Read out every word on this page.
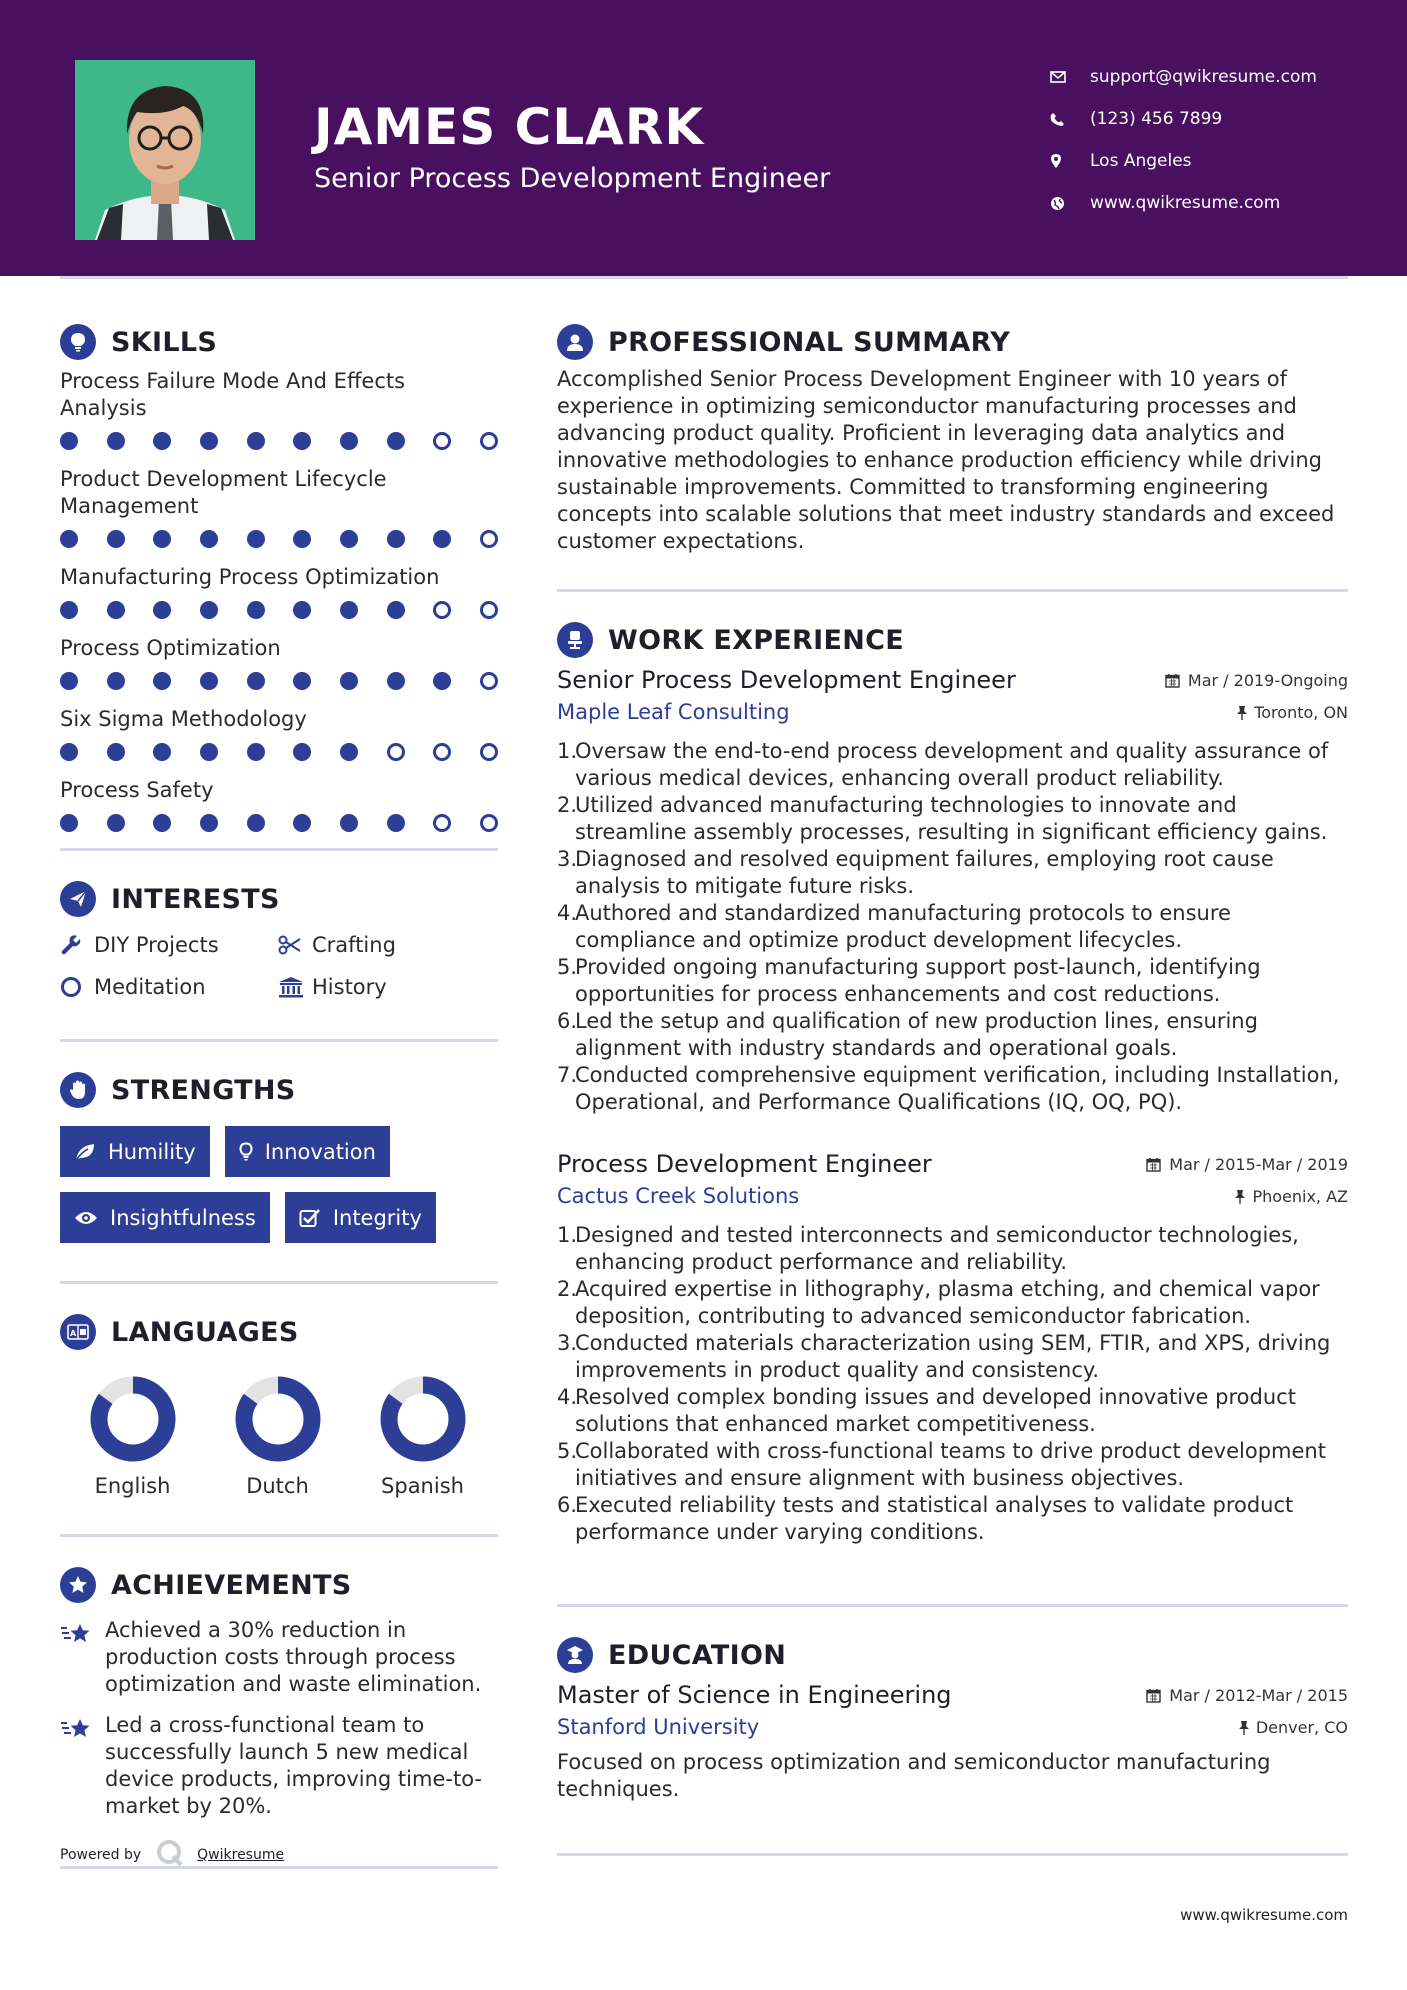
JAMES CLARK
Senior Process Development Engineer
support@qwikresume.com
(123) 456 7899
Los Angeles
www.qwikresume.com
SKILLS
Process Failure Mode And Effects Analysis
Product Development Lifecycle Management
Manufacturing Process Optimization
Process Optimization
Six Sigma Methodology
Process Safety
INTERESTS
DIY Projects	Crafting
Meditation	History
STRENGTHS
Humility	Innovation
Insightfulness	Integrity
A LANGUAGES
English	Dutch	Spanish
ACHIEVEMENTS

Achieved a 30% reduction in production costs through process optimization and waste elimination.

Led a cross-functional team to successfully launch 5 new medical device products, improving time-to-market by 20%.

Powered by	Qwikresume
PROFESSIONAL SUMMARY

Accomplished Senior Process Development Engineer with 10 years of experience in optimizing semiconductor manufacturing processes and advancing product quality. Proficient in leveraging data analytics and innovative methodologies to enhance production efficiency while driving sustainable improvements. Committed to transforming engineering concepts into scalable solutions that meet industry standards and exceed customer expectations.

WORK EXPERIENCE
Senior Process Development Engineer	Mar / 2019-Ongoing
Maple Leaf Consulting	Toronto, ON
1.
Oversaw the end-to-end process development and quality assurance of various medical devices, enhancing overall product reliability.
2.
Utilized advanced manufacturing technologies to innovate and streamline assembly processes, resulting in significant efficiency gains.
3.
Diagnosed and resolved equipment failures, employing root cause analysis to mitigate future risks.
4.
Authored and standardized manufacturing protocols to ensure compliance and optimize product development lifecycles.
5.
Provided ongoing manufacturing support post-launch, identifying opportunities for process enhancements and cost reductions.
6.
Led the setup and qualification of new production lines, ensuring alignment with industry standards and operational goals.
7.
Conducted comprehensive equipment verification, including Installation, Operational, and Performance Qualifications (IQ, OQ, PQ).
Process Development Engineer	Mar / 2015-Mar / 2019
Cactus Creek Solutions	Phoenix, AZ
1.
Designed and tested interconnects and semiconductor technologies, enhancing product performance and reliability.
2.
Acquired expertise in lithography, plasma etching, and chemical vapor deposition, contributing to advanced semiconductor fabrication.
3.
Conducted materials characterization using SEM, FTIR, and XPS, driving improvements in product quality and consistency.
4.
Resolved complex bonding issues and developed innovative product solutions that enhanced market competitiveness.
5.
Collaborated with cross-functional teams to drive product development initiatives and ensure alignment with business objectives.
6.
Executed reliability tests and statistical analyses to validate product performance under varying conditions.
EDUCATION
Master of Science in Engineering	Mar / 2012-Mar / 2015
Stanford University	Denver, CO

Focused on process optimization and semiconductor manufacturing techniques.

www.qwikresume.com
